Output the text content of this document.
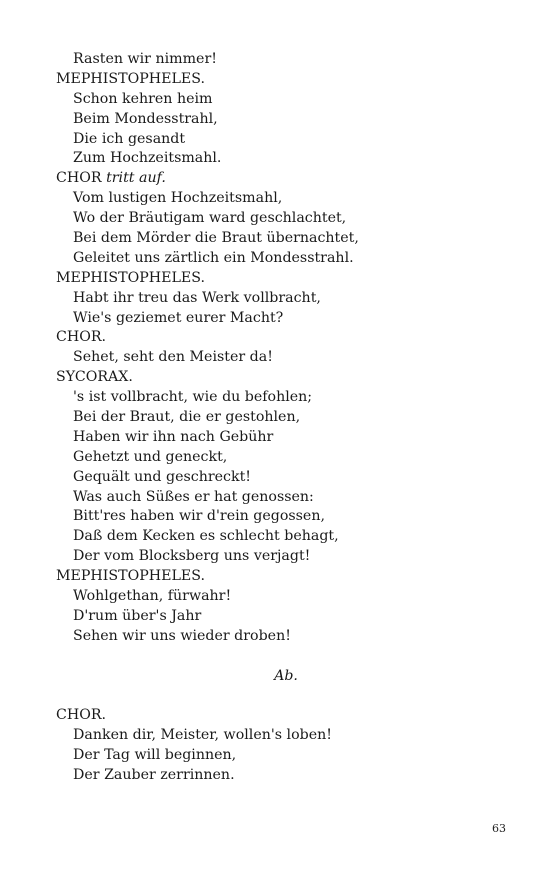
Rasten wir nimmer!
MEPHISTOPHELES.
Schon kehren heim
Beim Mondesstrahl,
Die ich gesandt
Zum Hochzeitsmahl.
CHOR tritt auf.
Vom lustigen Hochzeitsmahl,
Wo der Bräutigam ward geschlachtet,
Bei dem Mörder die Braut übernachtet,
Geleitet uns zärtlich ein Mondesstrahl.
MEPHISTOPHELES.
Habt ihr treu das Werk vollbracht,
Wie's geziemet eurer Macht?
CHOR.
Sehet, seht den Meister da!
SYCORAX.
's ist vollbracht, wie du befohlen;
Bei der Braut, die er gestohlen,
Haben wir ihn nach Gebühr
Gehetzt und geneckt,
Gequält und geschreckt!
Was auch Süßes er hat genossen:
Bitt'res haben wir d'rein gegossen,
Daß dem Kecken es schlecht behagt,
Der vom Blocksberg uns verjagt!
MEPHISTOPHELES.
Wohlgethan, fürwahr!
D'rum über's Jahr
Sehen wir uns wieder droben!
Ab.
CHOR.
Danken dir, Meister, wollen's loben!
Der Tag will beginnen,
Der Zauber zerrinnen.
63
